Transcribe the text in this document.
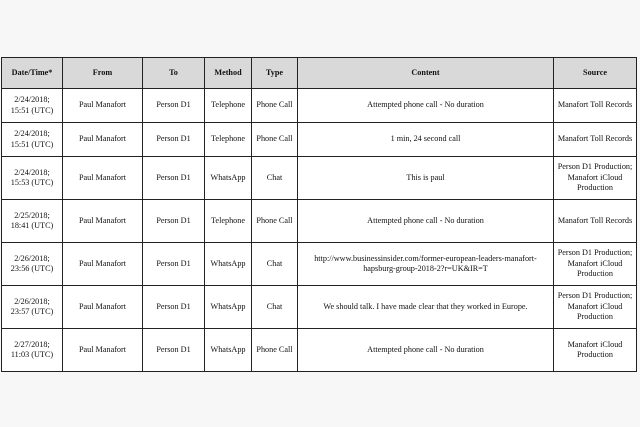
Date/Time*	From	To	Method	Type	Content	Source
2/24/2018;
15:51 (UTC)	Paul Manafort	Person D1	Telephone	Phone Call	Attempted phone call - No duration	Manafort Toll Records
2/24/2018;
15:51 (UTC)	Paul Manafort	Person D1	Telephone	Phone Call	1 min, 24 second call	Manafort Toll Records
2/24/2018;
15:53 (UTC)	Paul Manafort	Person D1	WhatsApp	Chat	This is paul	Person D1 Production; Manafort iCloud Production
2/25/2018;
18:41 (UTC)	Paul Manafort	Person D1	Telephone	Phone Call	Attempted phone call - No duration	Manafort Toll Records
2/26/2018;
23:56 (UTC)	Paul Manafort	Person D1	WhatsApp	Chat	http://www.businessinsider.com/former-european-leaders-manafort-hapsburg-group-2018-2?r=UK&IR=T	Person D1 Production; Manafort iCloud Production
2/26/2018;
23:57 (UTC)	Paul Manafort	Person D1	WhatsApp	Chat	We should talk. I have made clear that they worked in Europe.	Person D1 Production; Manafort iCloud Production
2/27/2018;
11:03 (UTC)	Paul Manafort	Person D1	WhatsApp	Phone Call	Attempted phone call - No duration	Manafort iCloud Production
